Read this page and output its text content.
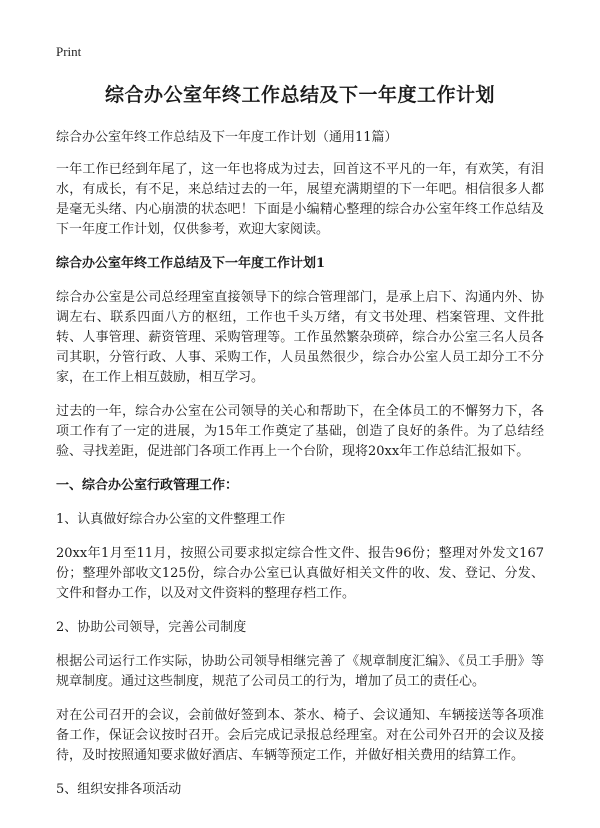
Print
综合办公室年终工作总结及下一年度工作计划
综合办公室年终工作总结及下一年度工作计划（通用11篇）

一年工作已经到年尾了，这一年也将成为过去，回首这不平凡的一年，有欢笑，有泪水，有成长，有不足，来总结过去的一年，展望充满期望的下一年吧。相信很多人都是毫无头绪、内心崩溃的状态吧！下面是小编精心整理的综合办公室年终工作总结及下一年度工作计划，仅供参考，欢迎大家阅读。

综合办公室年终工作总结及下一年度工作计划1

综合办公室是公司总经理室直接领导下的综合管理部门，是承上启下、沟通内外、协调左右、联系四面八方的枢纽，工作也千头万绪，有文书处理、档案管理、文件批转、人事管理、薪资管理、采购管理等。工作虽然繁杂琐碎，综合办公室三名人员各司其职，分管行政、人事、采购工作，人员虽然很少，综合办公室人员工却分工不分家，在工作上相互鼓励，相互学习。

过去的一年，综合办公室在公司领导的关心和帮助下，在全体员工的不懈努力下，各项工作有了一定的进展，为15年工作奠定了基础，创造了良好的条件。为了总结经验、寻找差距，促进部门各项工作再上一个台阶，现将20xx年工作总结汇报如下。

一、综合办公室行政管理工作：
1、认真做好综合办公室的文件整理工作

20xx年1月至11月，按照公司要求拟定综合性文件、报告96份；整理对外发文167份；整理外部收文125份，综合办公室已认真做好相关文件的收、发、登记、分发、文件和督办工作，以及对文件资料的整理存档工作。

2、协助公司领导，完善公司制度

根据公司运行工作实际，协助公司领导相继完善了《规章制度汇编》、《员工手册》等规章制度。通过这些制度，规范了公司员工的行为，增加了员工的责任心。

对在公司召开的会议，会前做好签到本、茶水、椅子、会议通知、车辆接送等各项准备工作，保证会议按时召开。会后完成记录报总经理室。对在公司外召开的会议及接待，及时按照通知要求做好酒店、车辆等预定工作，并做好相关费用的结算工作。

5、组织安排各项活动
